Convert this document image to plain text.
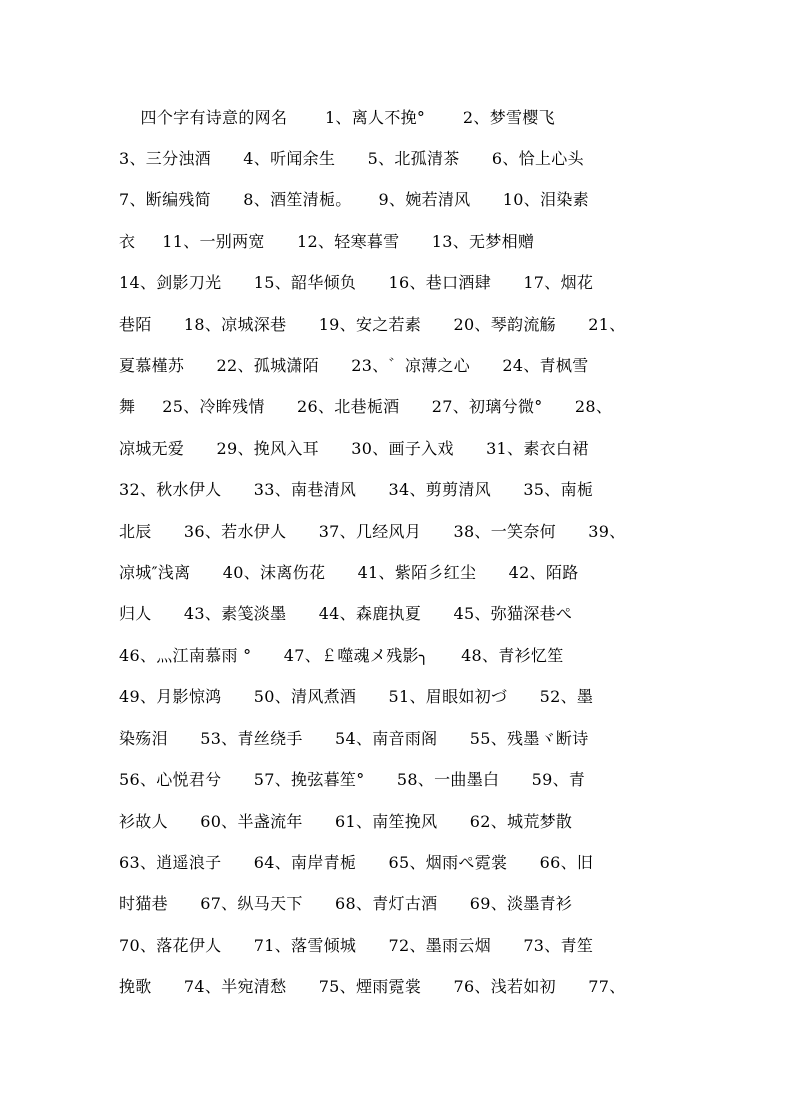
四个字有诗意的网名       1、离人不挽°       2、梦雪樱飞
3、三分浊酒      4、听闻余生      5、北孤清茶      6、恰上心头
7、断编残简      8、酒笙清栀。     9、婉若清风      10、泪染素
衣     11、一别两宽      12、轻寒暮雪      13、无梦相赠
14、剑影刀光      15、韶华倾负      16、巷口酒肆      17、烟花
巷陌      18、凉城深巷      19、安之若素      20、琴韵流觞      21、
夏慕槿苏      22、孤城潇陌      23、゛凉薄之心      24、青枫雪
舞     25、冷眸残情      26、北巷栀酒      27、初璃兮微°      28、
凉城无爱      29、挽风入耳      30、画子入戏      31、素衣白裙
32、秋水伊人      33、南巷清风      34、剪剪清风      35、南栀
北辰      36、若水伊人      37、几经风月      38、一笑奈何      39、
凉城″浅离      40、沫离伤花      41、紫陌彡红尘      42、陌路
归人      43、素笺淡墨      44、森鹿执夏      45、弥猫深巷ぺ
46、灬江南慕雨 °      47、￡噬魂メ残影╮      48、青衫忆笙
49、月影惊鸿      50、清风煮酒      51、眉眼如初づ      52、墨
染殇泪      53、青丝绕手      54、南音雨阁      55、残墨ヾ断诗
56、心悦君兮      57、挽弦暮笙°      58、一曲墨白      59、青
衫故人      60、半盏流年      61、南笙挽风      62、城荒梦散
63、逍遥浪子      64、南岸青栀      65、烟雨ぺ霓裳      66、旧
时猫巷      67、纵马天下      68、青灯古酒      69、淡墨青衫
70、落花伊人      71、落雪倾城      72、墨雨云烟      73、青笙
挽歌      74、半宛清愁      75、煙雨霓裳      76、浅若如初      77、
